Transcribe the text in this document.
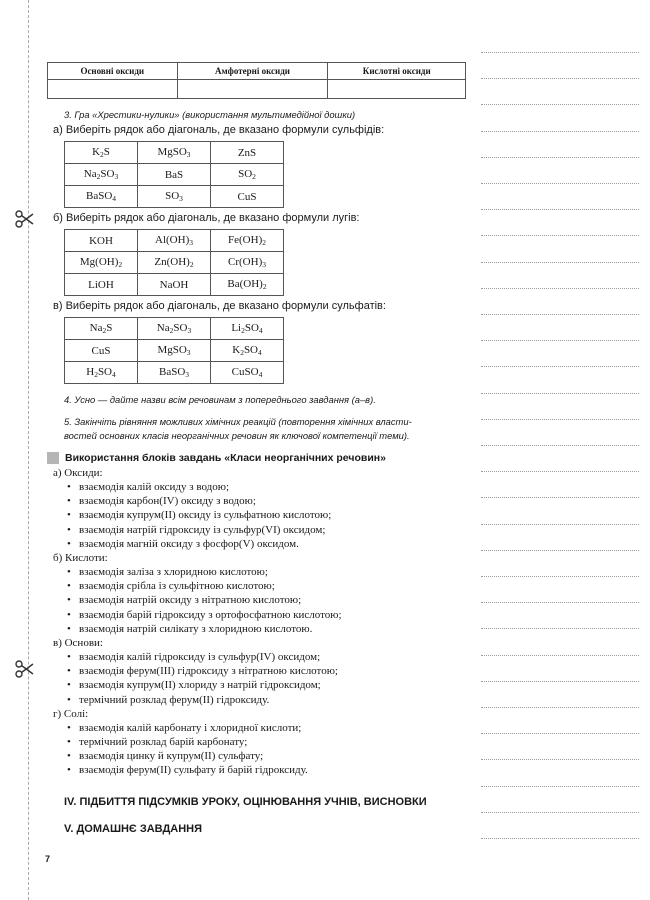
Основні оксиди	Амфотерні оксиди	Кислотні оксиди

3. Гра «Хрестики-нулики» (використання мультимедійної дошки)
а) Виберіть рядок або діагональ, де вказано формули сульфідів:
$K_2S$	MgSO$_3$	ZnS
$Na_2SO_3$	BaS	$SO_2$
BaSO$_4$	$SO_3$	CuS
б) Виберіть рядок або діагональ, де вказано формули лугів:
KOH	$Al(OH)_3$	$Fe(OH)_2$
$Mg(OH)_2$	$Zn(OH)_2$	$Cr(OH)_3$
LiOH	NaOH	$Ba(OH)_2$
в) Виберіть рядок або діагональ, де вказано формули сульфатів:
$Na_2S$	$Na_2SO_3$	$Li_2SO_4$
CuS	MgSO$_3$	$K_2SO_4$
$H_2SO_4$	BaSO$_3$	CuSO$_4$
4. Усно — дайте назви всім речовинам з попереднього завдання (а–в).
5. Закінчіть рівняння можливих хімічних реакцій (повторення хімічних власти-
востей основних класів неорганічних речовин як ключової компетенції теми).
Використання блоків завдань «Класи неорганічних речовин»
а) Оксиди:
• взаємодія калій оксиду з водою;
• взаємодія карбон(IV) оксиду з водою;
• взаємодія купрум(II) оксиду із сульфатною кислотою;
• взаємодія натрій гідроксиду із сульфур(VI) оксидом;
• взаємодія магній оксиду з фосфор(V) оксидом.
б) Кислоти:
• взаємодія заліза з хлоридною кислотою;
• взаємодія срібла із сульфітною кислотою;
• взаємодія натрій оксиду з нітратною кислотою;
• взаємодія барій гідроксиду з ортофосфатною кислотою;
• взаємодія натрій силікату з хлоридною кислотою.
в) Основи:
• взаємодія калій гідроксиду із сульфур(IV) оксидом;
• взаємодія ферум(III) гідроксиду з нітратною кислотою;
• взаємодія купрум(II) хлориду з натрій гідроксидом;
• термічний розклад ферум(II) гідроксиду.
г) Солі:
• взаємодія калій карбонату і хлоридної кислоти;
• термічний розклад барій карбонату;
• взаємодія цинку й купрум(II) сульфату;
• взаємодія ферум(II) сульфату й барій гідроксиду.
IV. ПІДБИТТЯ ПІДСУМКІВ УРОКУ, ОЦІНЮВАННЯ УЧНІВ, ВИСНОВКИ
V. ДОМАШНЄ ЗАВДАННЯ
7
